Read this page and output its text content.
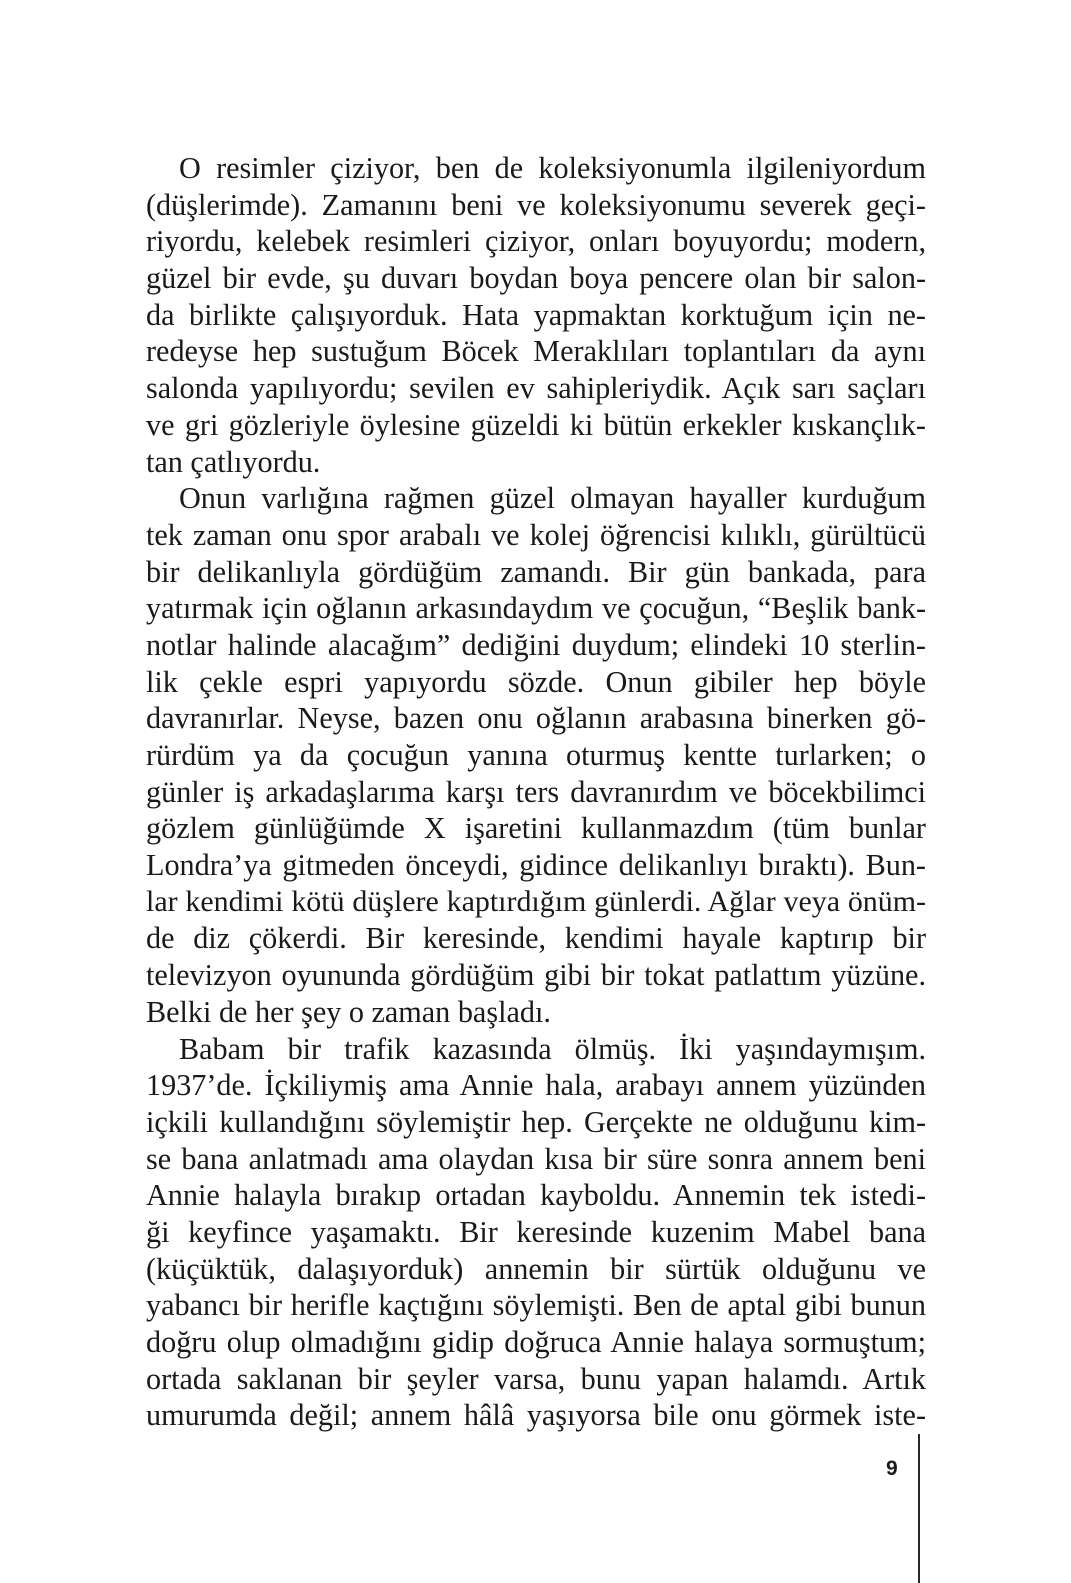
O resimler çiziyor, ben de koleksiyonumla ilgileniyordum
(düşlerimde). Zamanını beni ve koleksiyonumu severek geçi-
riyordu, kelebek resimleri çiziyor, onları boyuyordu; modern,
güzel bir evde, şu duvarı boydan boya pencere olan bir salon-
da birlikte çalışıyorduk. Hata yapmaktan korktuğum için ne-
redeyse hep sustuğum Böcek Meraklıları toplantıları da aynı
salonda yapılıyordu; sevilen ev sahipleriydik. Açık sarı saçları
ve gri gözleriyle öylesine güzeldi ki bütün erkekler kıskançlık-
tan çatlıyordu.
Onun varlığına rağmen güzel olmayan hayaller kurduğum
tek zaman onu spor arabalı ve kolej öğrencisi kılıklı, gürültücü
bir delikanlıyla gördüğüm zamandı. Bir gün bankada, para
yatırmak için oğlanın arkasındaydım ve çocuğun, “Beşlik bank-
notlar halinde alacağım” dediğini duydum; elindeki 10 sterlin-
lik çekle espri yapıyordu sözde. Onun gibiler hep böyle
davranırlar. Neyse, bazen onu oğlanın arabasına binerken gö-
rürdüm ya da çocuğun yanına oturmuş kentte turlarken; o
günler iş arkadaşlarıma karşı ters davranırdım ve böcekbilimci
gözlem günlüğümde X işaretini kullanmazdım (tüm bunlar
Londra’ya gitmeden önceydi, gidince delikanlıyı bıraktı). Bun-
lar kendimi kötü düşlere kaptırdığım günlerdi. Ağlar veya önüm-
de diz çökerdi. Bir keresinde, kendimi hayale kaptırıp bir
televizyon oyununda gördüğüm gibi bir tokat patlattım yüzüne.
Belki de her şey o zaman başladı.
Babam bir trafik kazasında ölmüş. İki yaşındaymışım.
1937’de. İçkiliymiş ama Annie hala, arabayı annem yüzünden
içkili kullandığını söylemiştir hep. Gerçekte ne olduğunu kim-
se bana anlatmadı ama olaydan kısa bir süre sonra annem beni
Annie halayla bırakıp ortadan kayboldu. Annemin tek istedi-
ği keyfince yaşamaktı. Bir keresinde kuzenim Mabel bana
(küçüktük, dalaşıyorduk) annemin bir sürtük olduğunu ve
yabancı bir herifle kaçtığını söylemişti. Ben de aptal gibi bunun
doğru olup olmadığını gidip doğruca Annie halaya sormuştum;
ortada saklanan bir şeyler varsa, bunu yapan halamdı. Artık
umurumda değil; annem hâlâ yaşıyorsa bile onu görmek iste-
9
